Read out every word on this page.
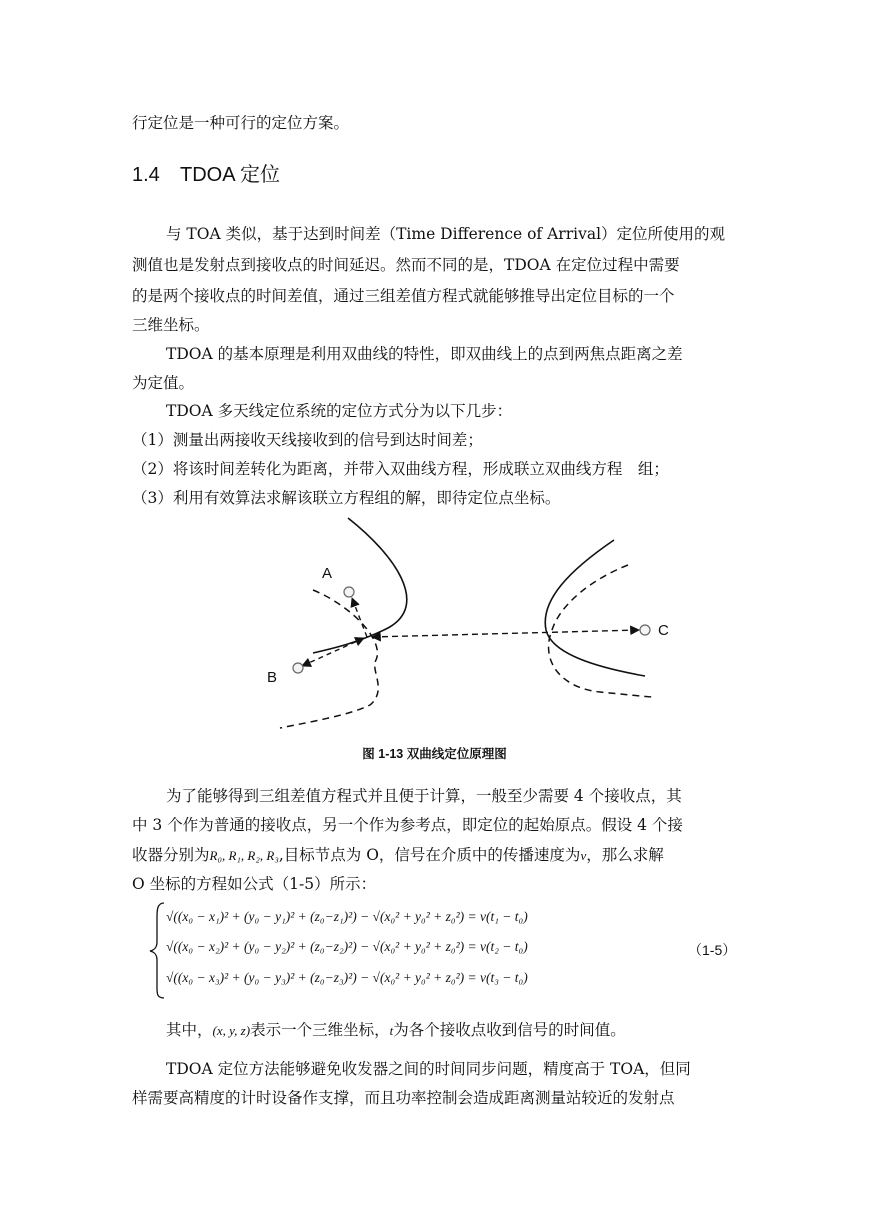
行定位是一种可行的定位方案。
1.4 TDOA 定位
与 TOA 类似，基于达到时间差（Time Difference of Arrival）定位所使用的观
测值也是发射点到接收点的时间延迟。然而不同的是，TDOA 在定位过程中需要
的是两个接收点的时间差值，通过三组差值方程式就能够推导出定位目标的一个
三维坐标。
TDOA 的基本原理是利用双曲线的特性，即双曲线上的点到两焦点距离之差
为定值。
TDOA 多天线定位系统的定位方式分为以下几步：
（1）测量出两接收天线接收到的信号到达时间差；
（2）将该时间差转化为距离，并带入双曲线方程，形成联立双曲线方程　组；
（3）利用有效算法求解该联立方程组的解，即待定位点坐标。
A
B
C
图 1-13 双曲线定位原理图
为了能够得到三组差值方程式并且便于计算，一般至少需要 4 个接收点，其
中 3 个作为普通的接收点，另一个作为参考点，即定位的起始原点。假设 4 个接
收器分别为R₀, R₁, R₂, R₃,目标节点为 O，信号在介质中的传播速度为v，那么求解
O 坐标的方程如公式（1-5）所示：
√((x₀ − x₁)² + (y₀ − y₁)² + (z₀−z₁)²) − √(x₀² + y₀² + z₀²) = v(t₁ − t₀)
√((x₀ − x₂)² + (y₀ − y₂)² + (z₀−z₂)²) − √(x₀² + y₀² + z₀²) = v(t₂ − t₀)
√((x₀ − x₃)² + (y₀ − y₃)² + (z₀−z₃)²) − √(x₀² + y₀² + z₀²) = v(t₃ − t₀)
（1-5）
其中，(x, y, z)表示一个三维坐标，t为各个接收点收到信号的时间值。
TDOA 定位方法能够避免收发器之间的时间同步问题，精度高于 TOA，但同
样需要高精度的计时设备作支撑，而且功率控制会造成距离测量站较近的发射点
